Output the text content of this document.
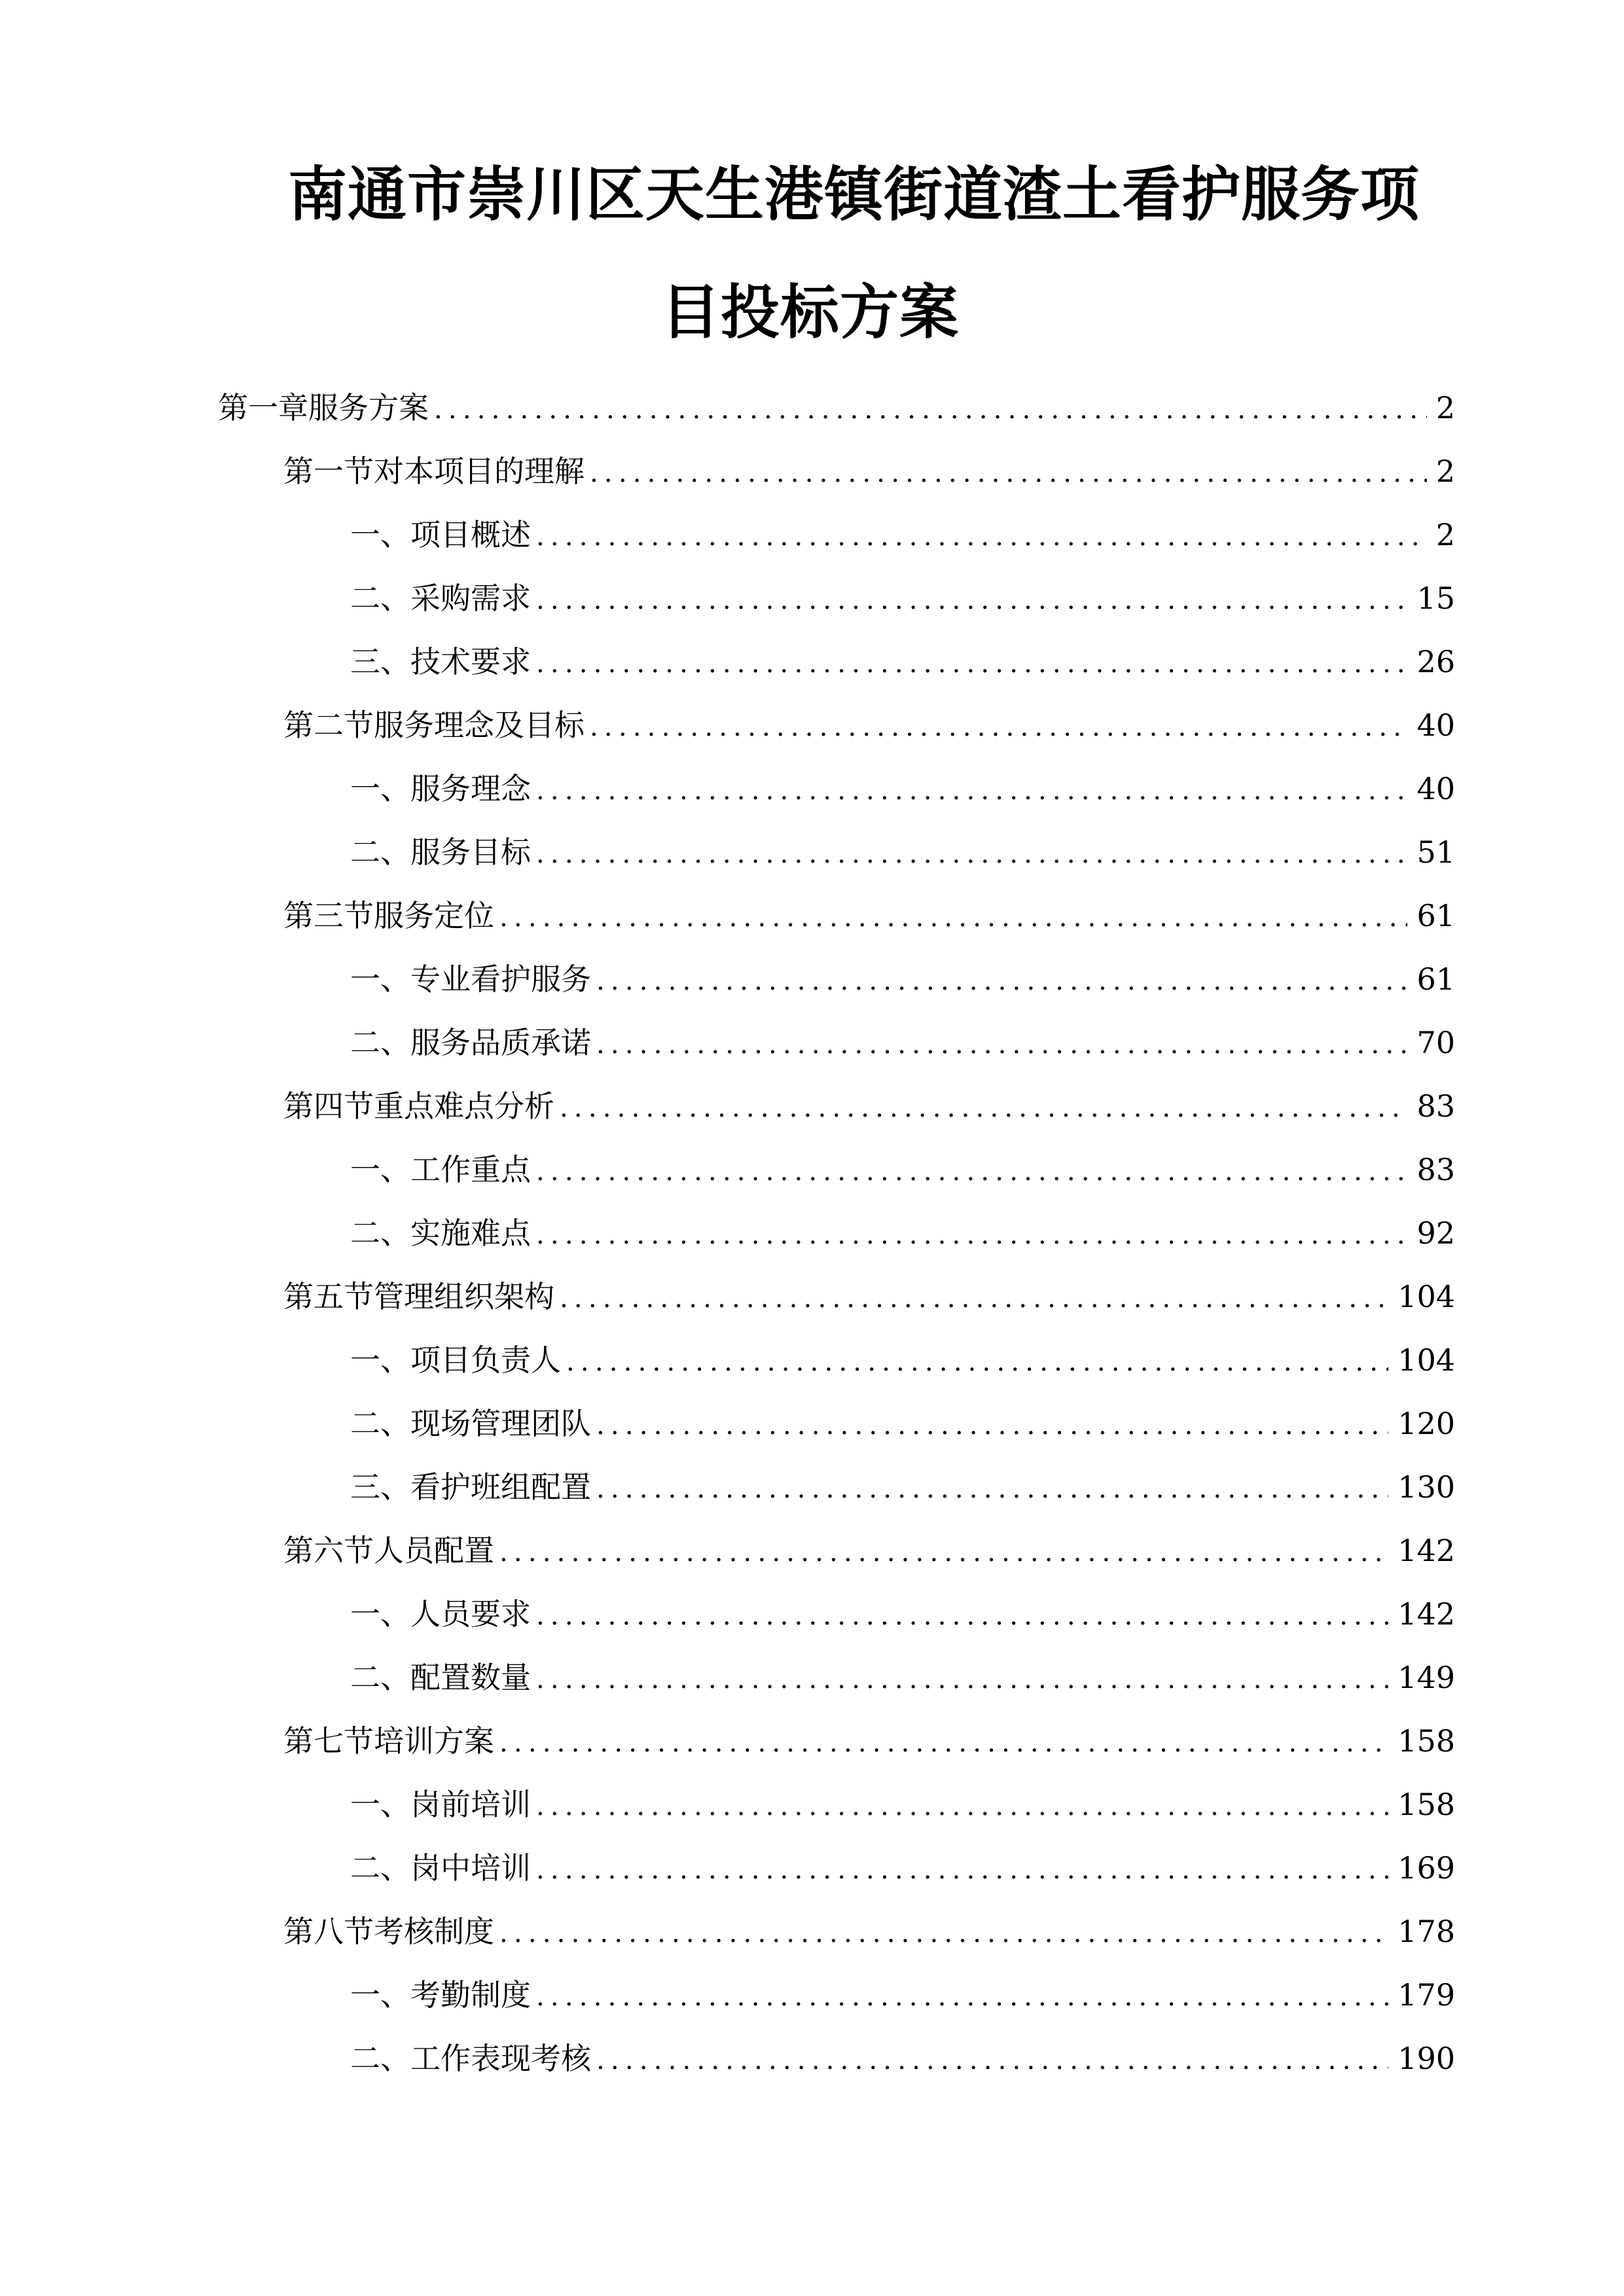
南通市崇川区天生港镇街道渣土看护服务项
目投标方案
第一章 服务方案 .....	2
第一节 对本项目的理解 .....	2
一、 项目概述 .....	2
二、 采购需求 .....	15
三、 技术要求 .....	26
第二节 服务理念及目标 .....	40
一、 服务理念 .....	40
二、 服务目标 .....	51
第三节 服务定位 .....	61
一、 专业看护服务 .....	61
二、 服务品质承诺 .....	70
第四节 重点难点分析 .....	83
一、 工作重点 .....	83
二、 实施难点 .....	92
第五节 管理组织架构 .....	104
一、 项目负责人 .....	104
二、 现场管理团队 .....	120
三、 看护班组配置 .....	130
第六节 人员配置 .....	142
一、 人员要求 .....	142
二、 配置数量 .....	149
第七节 培训方案 .....	158
一、 岗前培训 .....	158
二、 岗中培训 .....	169
第八节 考核制度 .....	178
一、 考勤制度 .....	179
二、 工作表现考核 .....	190
